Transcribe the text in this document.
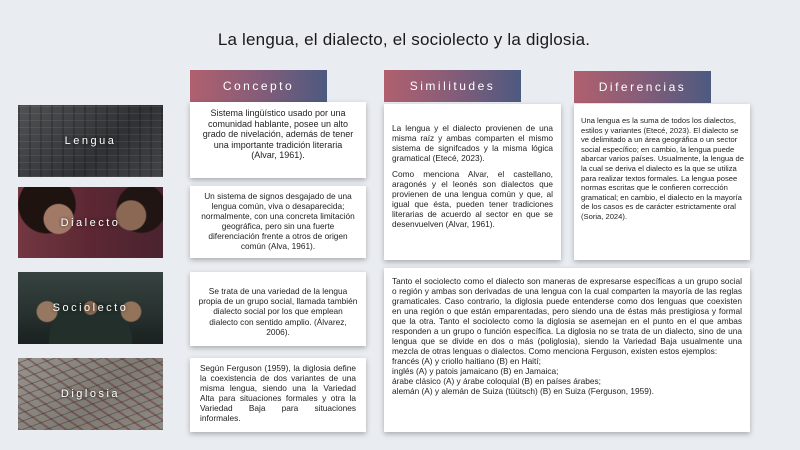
La lengua, el dialecto, el sociolecto y la diglosia.
Concepto	Similitudes	Diferencias
Lengua
Dialecto
Sociolecto
Diglosia

Sistema lingüístico usado por una comunidad hablante, posee un alto grado de nivelación, además de tener una importante tradición literaria (Alvar, 1961).

Un sistema de signos desgajado de una lengua común, viva o desaparecida; normalmente, con una concreta limitación geográfica, pero sin una fuerte diferenciación frente a otros de origen común (Alva, 1961).

Se trata de una variedad de la lengua propia de un grupo social, llamada también dialecto social por los que emplean dialecto con sentido amplio. (Álvarez, 2006).

Según Ferguson (1959), la diglosia define la coexistencia de dos variantes de una misma lengua, siendo una la Variedad Alta para situaciones formales y otra la Variedad Baja para situaciones informales.

La lengua y el dialecto provienen de una misma raíz y ambas comparten el mismo sistema de signifcados y la misma lógica gramatical (Etecé, 2023).

Como menciona Alvar, el castellano, aragonés y el leonés son dialectos que provienen de una lengua común y que, al igual que ésta, pueden tener tradiciones literarias de acuerdo al sector en que se desenvuelven (Alvar, 1961).

Una lengua es la suma de todos los dialectos, estilos y variantes (Etecé, 2023). El dialecto se ve delimitado a un área geográfica o un sector social específico; en cambio, la lengua puede abarcar varios países. Usualmente, la lengua de la cual se deriva el dialecto es la que se utiliza para realizar textos formales. La lengua posee normas escritas que le confieren corrección gramatical; en cambio, el dialecto en la mayoría de los casos es de carácter estrictamente oral (Soria, 2024).

Tanto el sociolecto como el dialecto son maneras de expresarse específicas a un grupo social o región y ambas son derivadas de una lengua con la cual comparten la mayoría de las reglas gramaticales. Caso contrario, la diglosia puede entenderse como dos lenguas que coexisten en una región o que están emparentadas, pero siendo una de éstas más prestigiosa y formal que la otra. Tanto el sociolecto como la diglosia se asemejan en el punto en el que ambas responden a un grupo o función específica. La diglosia no se trata de un dialecto, sino de una lengua que se divide en dos o más (poliglosia), siendo la Variedad Baja usualmente una mezcla de otras lenguas o dialectos. Como menciona Ferguson, existen estos ejemplos:

francés (A) y criollo haitiano (B) en Haití;

inglés (A) y patois jamaicano (B) en Jamaica;

árabe clásico (A) y árabe coloquial (B) en países árabes;

alemán (A) y alemán de Suiza (tüütsch) (B) en Suiza (Ferguson, 1959).
